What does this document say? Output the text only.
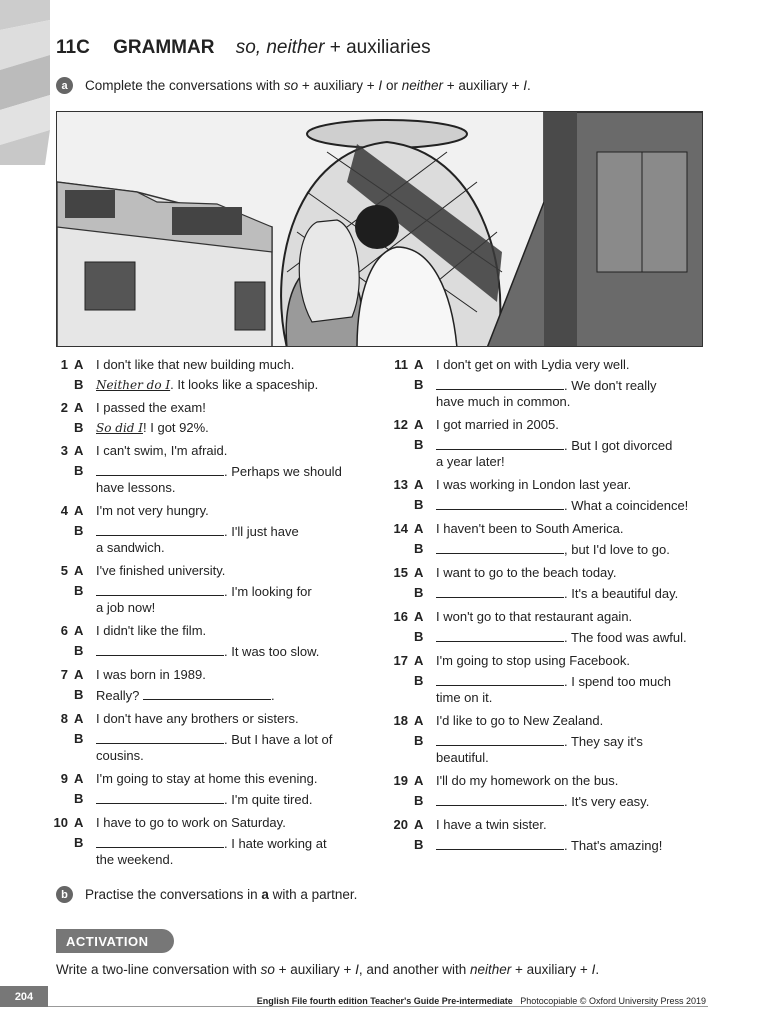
11C GRAMMAR so, neither + auxiliaries
a	Complete the conversations with so + auxiliary + I or neither + auxiliary + I.
1 A I don't like that new building much.
B	Neither do I. It looks like a spaceship.
2 A I passed the exam!
B	So did I! I got 92%.
3 A I can't swim, I'm afraid.
B	. Perhaps we should
have lessons.
4 A I'm not very hungry.
B	. I'll just have
a sandwich.
5 A I've finished university.
B	. I'm looking for
a job now!
6 A I didn't like the film.
B	. It was too slow.
7 A I was born in 1989.
B Really?	.
8 A I don't have any brothers or sisters.
B	. But I have a lot of
cousins.
9 A I'm going to stay at home this evening.
B	. I'm quite tired.
10 A I have to go to work on Saturday.
B	. I hate working at
the weekend.
11 A I don't get on with Lydia very well.
B	. We don't really
have much in common.
12 A I got married in 2005.
B	. But I got divorced
a year later!
13 A I was working in London last year.
B	. What a coincidence!
14 A I haven't been to South America.
B	, but I'd love to go.
15 A I want to go to the beach today.
B	. It's a beautiful day.
16 A I won't go to that restaurant again.
B	. The food was awful.
17 A I'm going to stop using Facebook.
B	. I spend too much
time on it.
18 A I'd like to go to New Zealand.
B	. They say it's
beautiful.
19 A I'll do my homework on the bus.
B	. It's very easy.
20 A I have a twin sister.
B	. That's amazing!
b	Practise the conversations in a with a partner.
ACTIVATION
Write a two-line conversation with so + auxiliary + I, and another with neither + auxiliary + I.
204	English File fourth edition Teacher's Guide Pre-intermediate Photocopiable © Oxford University Press 2019
